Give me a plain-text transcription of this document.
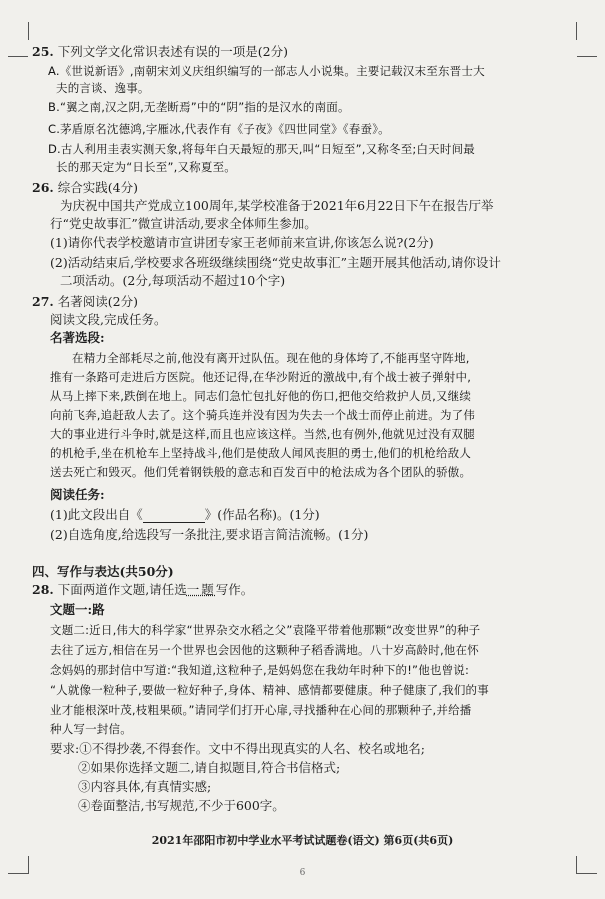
25. 下列文学文化常识表述有误的一项是(2分)
A.《世说新语》,南朝宋刘义庆组织编写的一部志人小说集。主要记载汉末至东晋士大
夫的言谈、逸事。
B.“翼之南,汉之阴,无垄断焉”中的“阴”指的是汉水的南面。
C.茅盾原名沈德鸿,字雁冰,代表作有《子夜》《四世同堂》《春蚕》。
D.古人利用圭表实测天象,将每年白天最短的那天,叫“日短至”,又称冬至;白天时间最
长的那天定为“日长至”,又称夏至。
26. 综合实践(4分)
为庆祝中国共产党成立100周年,某学校准备于2021年6月22日下午在报告厅举
行“党史故事汇”微宣讲活动,要求全体师生参加。
(1)请你代表学校邀请市宣讲团专家王老师前来宣讲,你该怎么说?(2分)
(2)活动结束后,学校要求各班级继续围绕“党史故事汇”主题开展其他活动,请你设计
二项活动。(2分,每项活动不超过10个字)
27. 名著阅读(2分)
阅读文段,完成任务。
名著选段:
在精力全部耗尽之前,他没有离开过队伍。现在他的身体垮了,不能再坚守阵地,
推有一条路可走进后方医院。他还记得,在华沙附近的激战中,有个战士被子弹射中,
从马上摔下来,跌倒在地上。同志们急忙包扎好他的伤口,把他交给救护人员,又继续
向前飞奔,追赶敌人去了。这个骑兵连并没有因为失去一个战士而停止前进。为了伟
大的事业进行斗争时,就是这样,而且也应该这样。当然,也有例外,他就见过没有双腿
的机枪手,坐在机枪车上坚持战斗,他们是使敌人闻风丧胆的勇士,他们的机枪给敌人
送去死亡和毁灭。他们凭着钢铁般的意志和百发百中的枪法成为各个团队的骄傲。
阅读任务:
(1)此文段出自《	》(作品名称)。(1分)
(2)自选角度,给选段写一条批注,要求语言简洁流畅。(1分)
四、写作与表达(共50分)
28. 下面两道作文题,请任选一题写作。
文题一:路
文题二:近日,伟大的科学家“世界杂交水稻之父”袁隆平带着他那颗“改变世界”的种子
去往了远方,相信在另一个世界也会因他的这颗种子稻香满地。八十岁高龄时,他在怀
念妈妈的那封信中写道:“我知道,这粒种子,是妈妈您在我幼年时种下的!”他也曾说:
“人就像一粒种子,要做一粒好种子,身体、精神、感情都要健康。种子健康了,我们的事
业才能根深叶茂,枝粗果硕。”请同学们打开心扉,寻找播种在心间的那颗种子,并给播
种人写一封信。
要求:①不得抄袭,不得套作。文中不得出现真实的人名、校名或地名;
②如果你选择文题二,请自拟题目,符合书信格式;
③内容具体,有真情实感;
④卷面整洁,书写规范,不少于600字。
2021年邵阳市初中学业水平考试试题卷(语文) 第6页(共6页)
6
